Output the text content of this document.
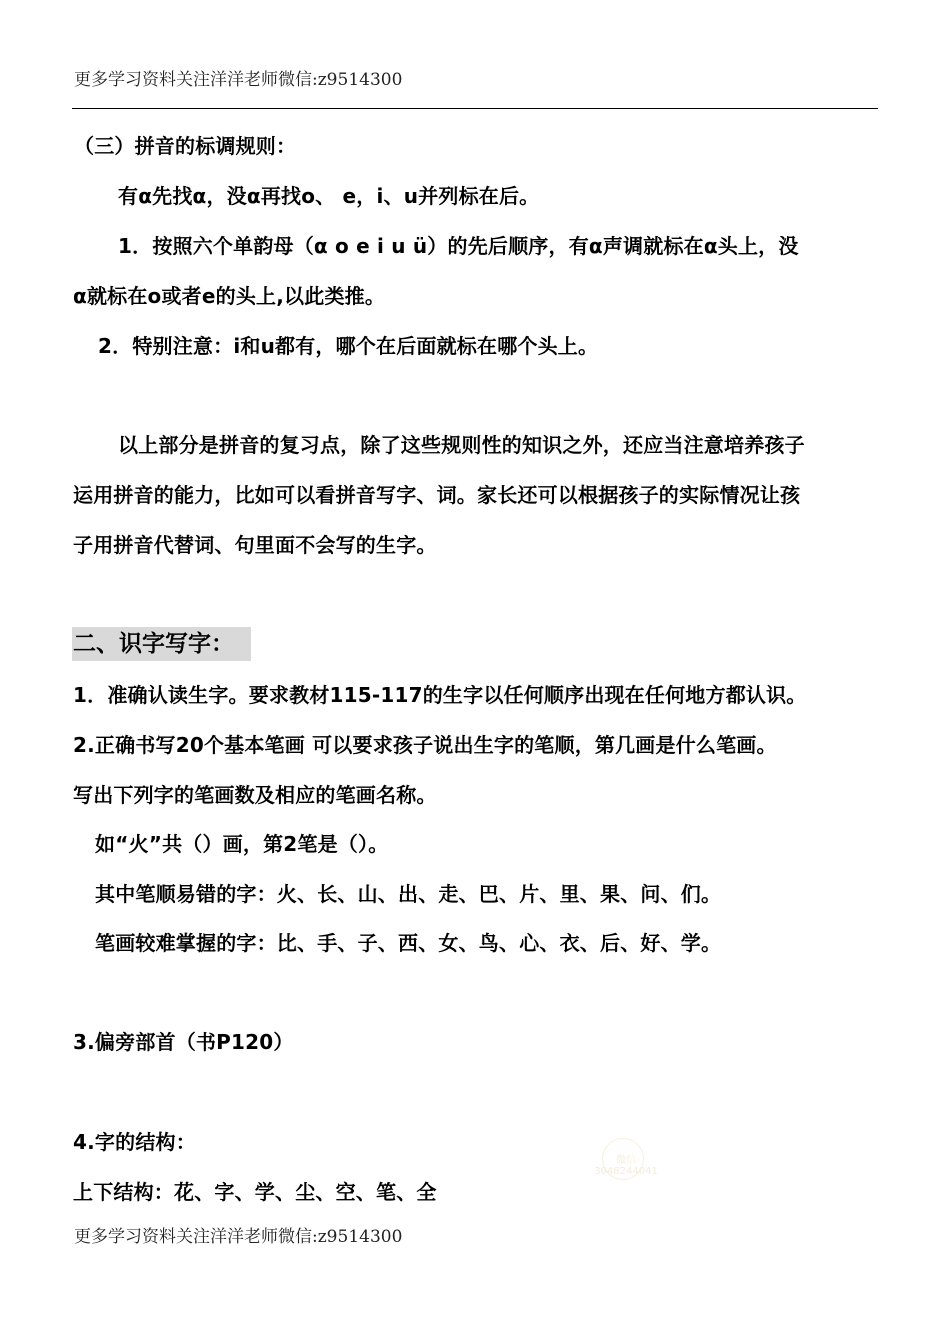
更多学习资料关注洋洋老师微信:z9514300
（三）拼音的标调规则：
有α先找α，没α再找o、 e，i、u并列标在后。
1．按照六个单韵母（α o e i u ü）的先后顺序，有α声调就标在α头上，没
α就标在o或者e的头上,以此类推。
2．特别注意：i和u都有，哪个在后面就标在哪个头上。
以上部分是拼音的复习点，除了这些规则性的知识之外，还应当注意培养孩子
运用拼音的能力，比如可以看拼音写字、词。家长还可以根据孩子的实际情况让孩
子用拼音代替词、句里面不会写的生字。
二、识字写字：
1．准确认读生字。要求教材115-117的生字以任何顺序出现在任何地方都认识。
2.正确书写20个基本笔画 可以要求孩子说出生字的笔顺，第几画是什么笔画。
写出下列字的笔画数及相应的笔画名称。
如“火”共（）画，第2笔是（）。
其中笔顺易错的字：火、长、山、出、走、巴、片、里、果、问、们。
笔画较难掌握的字：比、手、子、西、女、鸟、心、衣、后、好、学。
3.偏旁部首（书P120）
4.字的结构：
上下结构：花、字、学、尘、空、笔、全
微信
3048244041
更多学习资料关注洋洋老师微信:z9514300
